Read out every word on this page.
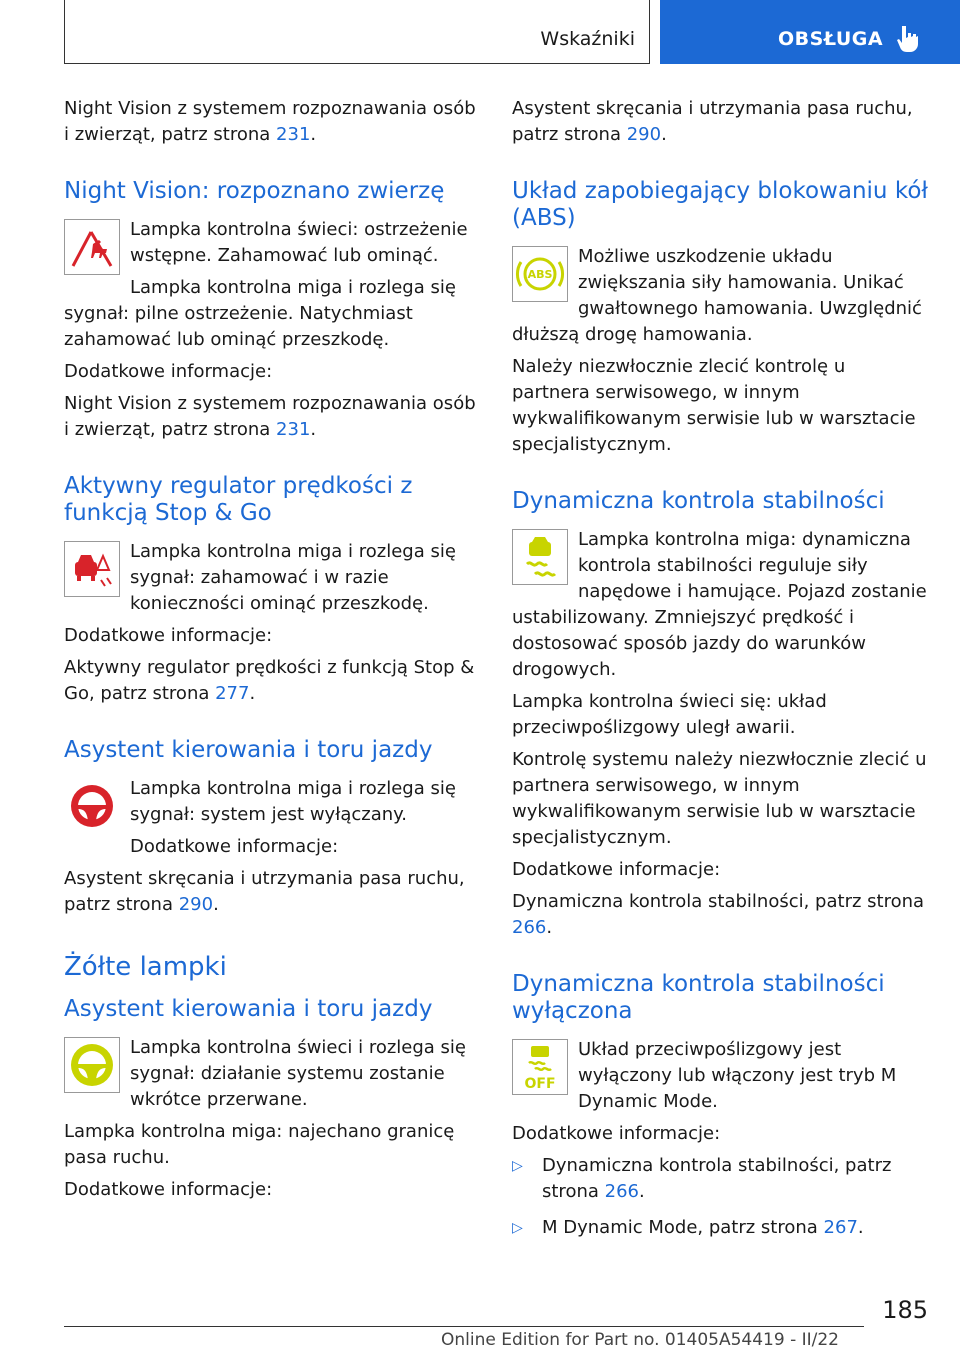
Wskaźniki	OBSŁUGA

Night Vision z systemem rozpoznawania osób i zwierząt, patrz strona 231.

Night Vision: rozpoznano zwierzę

Lampka kontrolna świeci: ostrzeżenie wstępne. Zahamować lub ominąć.

Lampka kontrolna miga i rozlega się sygnał: pilne ostrzeżenie. Natychmiast zahamować lub ominąć przeszkodę.

Dodatkowe informacje:

Night Vision z systemem rozpoznawania osób i zwierząt, patrz strona 231.

Aktywny regulator prędkości z funkcją Stop & Go

Lampka kontrolna miga i rozlega się sygnał: zahamować i w razie konieczności ominąć przeszkodę.

Dodatkowe informacje:

Aktywny regulator prędkości z funkcją Stop & Go, patrz strona 277.

Asystent kierowania i toru jazdy

Lampka kontrolna miga i rozlega się sygnał: system jest wyłączany.

Dodatkowe informacje:

Asystent skręcania i utrzymania pasa ruchu, patrz strona 290.

Żółte lampki
Asystent kierowania i toru jazdy

Lampka kontrolna świeci i rozlega się sygnał: działanie systemu zostanie wkrótce przerwane.

Lampka kontrolna miga: najechano granicę pasa ruchu.

Dodatkowe informacje:

Asystent skręcania i utrzymania pasa ruchu, patrz strona 290.

Układ zapobiegający blokowaniu kół (ABS)
ABS

Możliwe uszkodzenie układu zwiększania siły hamowania. Unikać gwałtownego hamowania. Uwzględnić dłuższą drogę hamowania.

Należy niezwłocznie zlecić kontrolę u partnera serwisowego, w innym wykwalifikowanym serwisie lub w warsztacie specjalistycznym.

Dynamiczna kontrola stabilności

Lampka kontrolna miga: dynamiczna kontrola stabilności reguluje siły napędowe i hamujące. Pojazd zostanie ustabilizowany. Zmniejszyć prędkość i dostosować sposób jazdy do warunków drogowych.

Lampka kontrolna świeci się: układ przeciwpoślizgowy uległ awarii.

Kontrolę systemu należy niezwłocznie zlecić u partnera serwisowego, w innym wykwalifikowanym serwisie lub w warsztacie specjalistycznym.

Dodatkowe informacje:

Dynamiczna kontrola stabilności, patrz strona 266.

Dynamiczna kontrola stabilności wyłączona
OFF

Układ przeciwpoślizgowy jest wyłączony lub włączony jest tryb M Dynamic Mode.

Dodatkowe informacje:

▷ Dynamiczna kontrola stabilności, patrz strona 266.
▷ M Dynamic Mode, patrz strona 267.
185
Online Edition for Part no. 01405A54419 - II/22
